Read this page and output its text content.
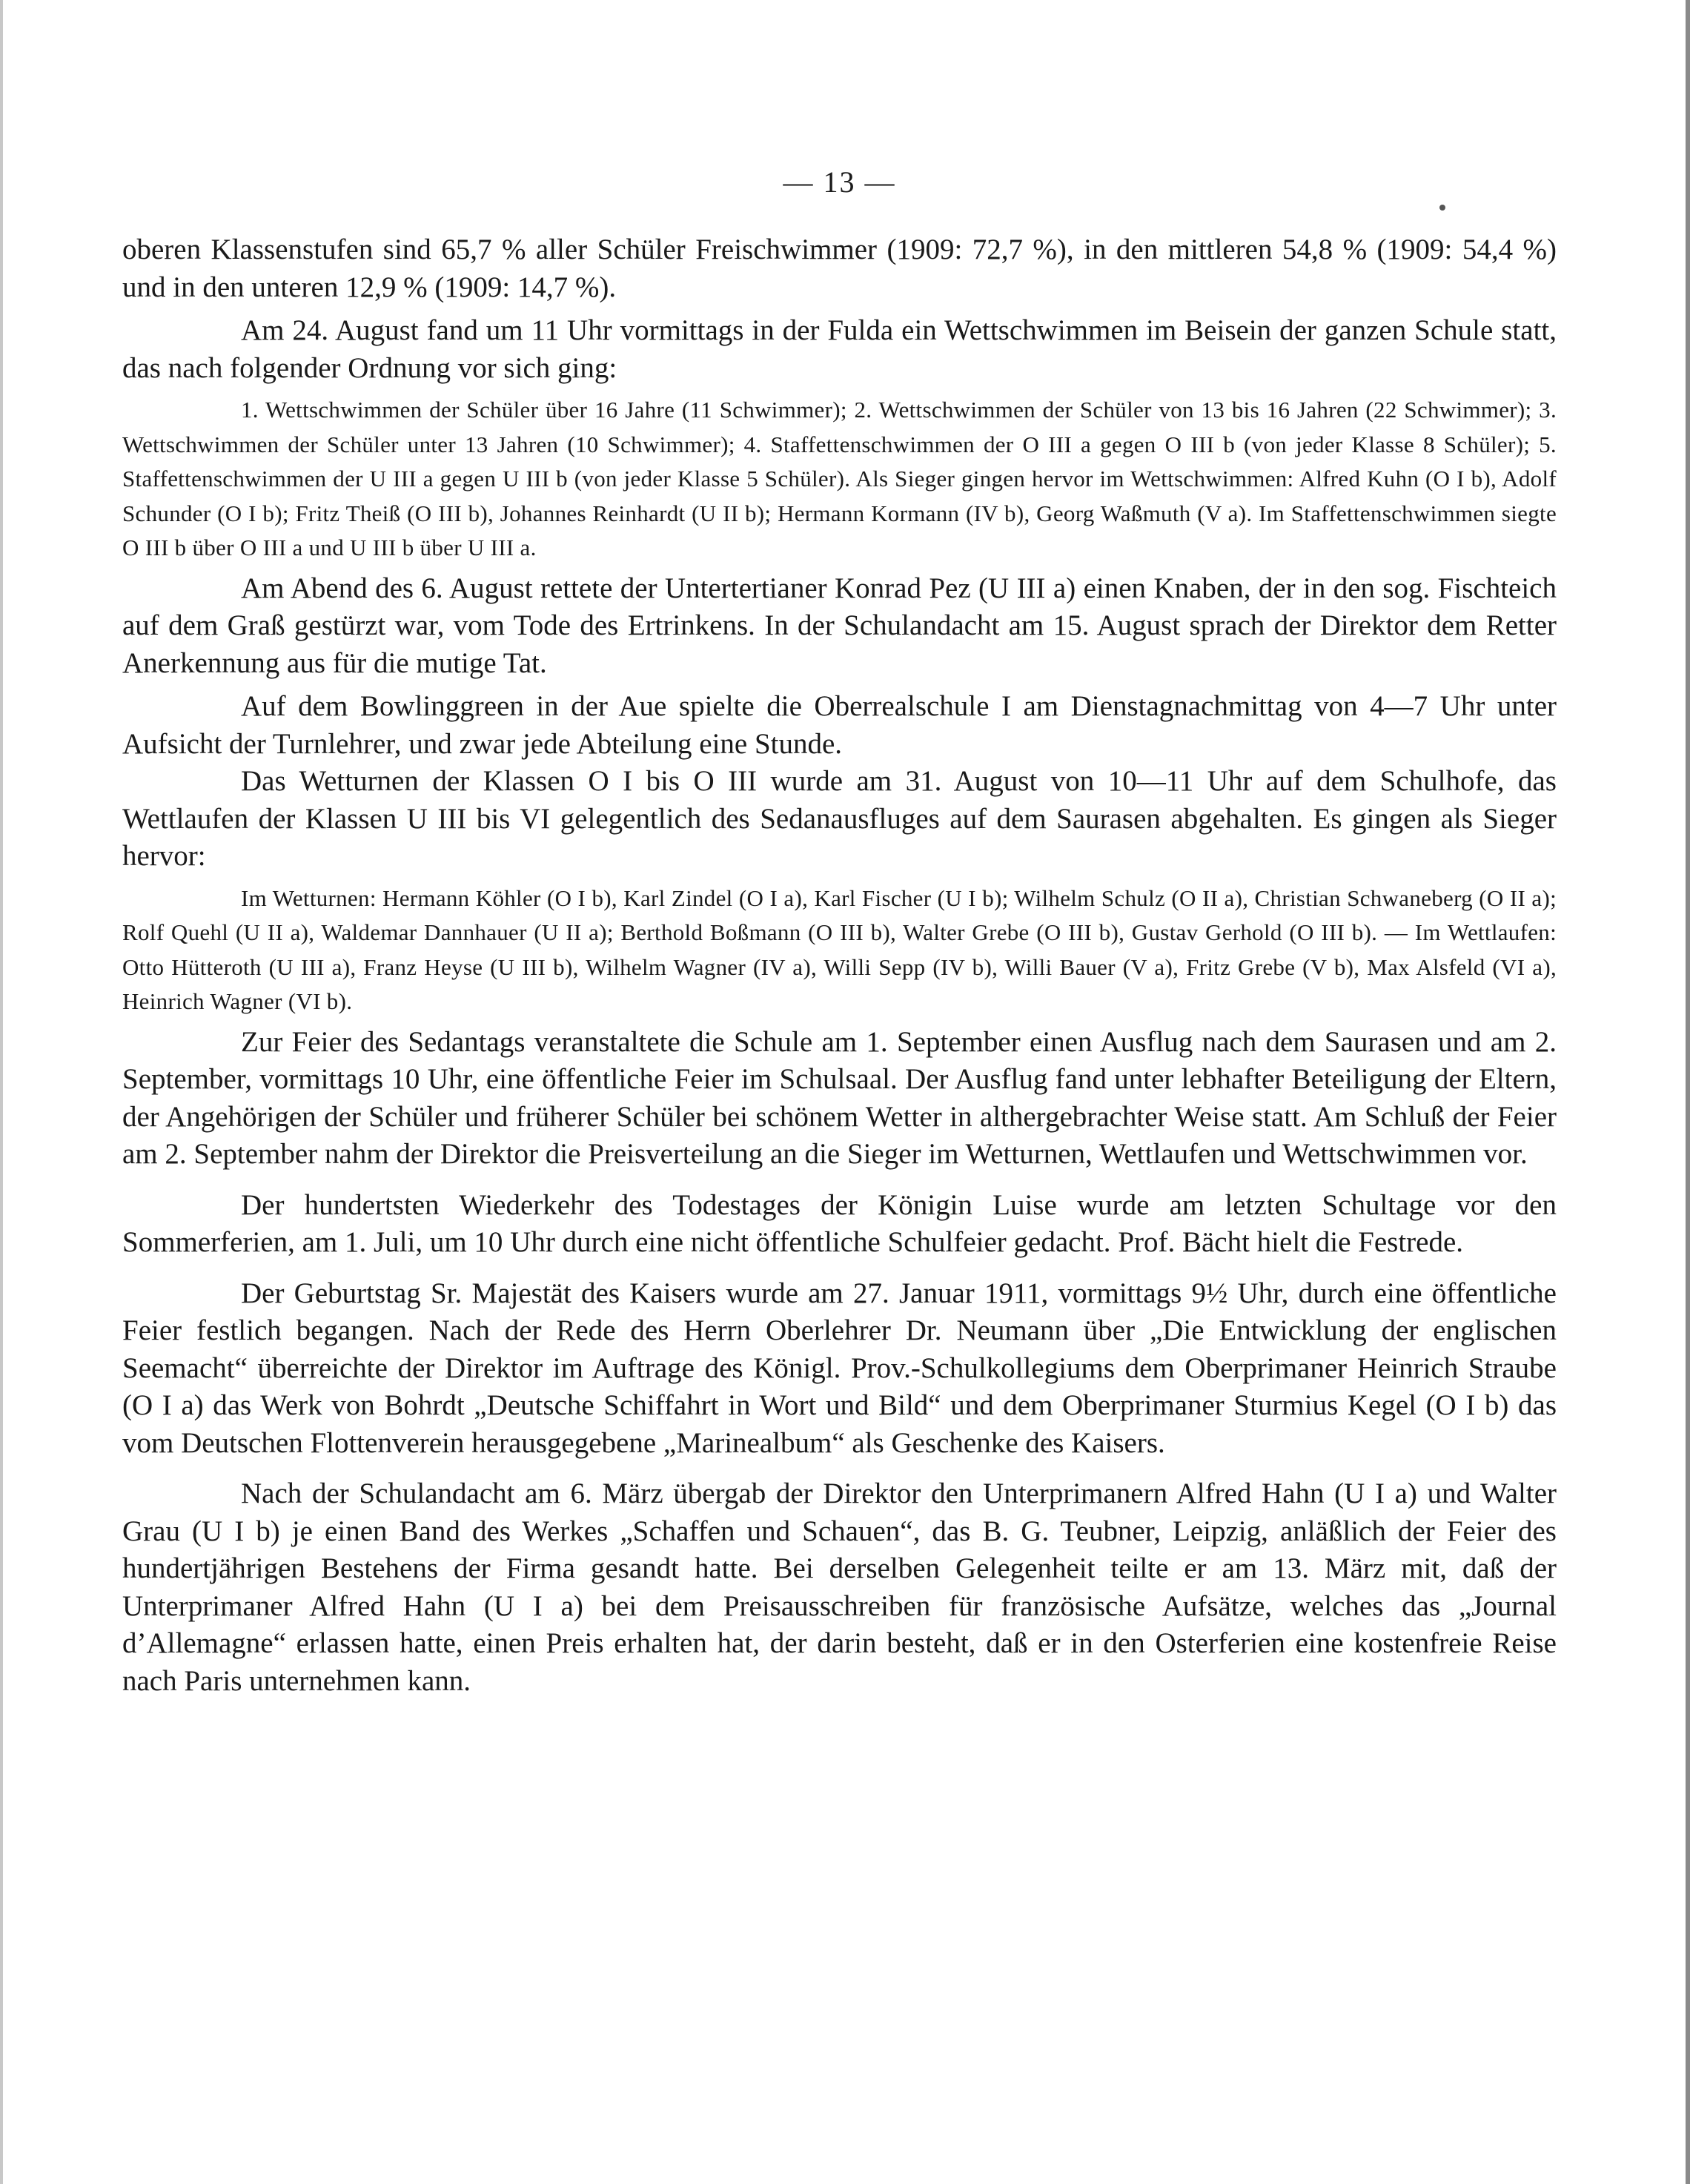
— 13 —

oberen Klassenstufen sind 65,7 % aller Schüler Freischwimmer (1909: 72,7 %), in den mittleren 54,8 % (1909: 54,4 %) und in den unteren 12,9 % (1909: 14,7 %).

Am 24. August fand um 11 Uhr vormittags in der Fulda ein Wettschwimmen im Beisein der ganzen Schule statt, das nach folgender Ordnung vor sich ging:

1. Wettschwimmen der Schüler über 16 Jahre (11 Schwimmer); 2. Wettschwimmen der Schüler von 13 bis 16 Jahren (22 Schwimmer); 3. Wettschwimmen der Schüler unter 13 Jahren (10 Schwimmer); 4. Staffettenschwimmen der O III a gegen O III b (von jeder Klasse 8 Schüler); 5. Staffettenschwimmen der U III a gegen U III b (von jeder Klasse 5 Schüler). Als Sieger gingen hervor im Wettschwimmen: Alfred Kuhn (O I b), Adolf Schunder (O I b); Fritz Theiß (O III b), Johannes Reinhardt (U II b); Hermann Kormann (IV b), Georg Waßmuth (V a). Im Staffettenschwimmen siegte O III b über O III a und U III b über U III a.

Am Abend des 6. August rettete der Untertertianer Konrad Pez (U III a) einen Knaben, der in den sog. Fischteich auf dem Graß gestürzt war, vom Tode des Ertrinkens. In der Schulandacht am 15. August sprach der Direktor dem Retter Anerkennung aus für die mutige Tat.

Auf dem Bowlinggreen in der Aue spielte die Oberrealschule I am Dienstagnachmittag von 4—7 Uhr unter Aufsicht der Turnlehrer, und zwar jede Abteilung eine Stunde.

Das Wetturnen der Klassen O I bis O III wurde am 31. August von 10—11 Uhr auf dem Schulhofe, das Wettlaufen der Klassen U III bis VI gelegentlich des Sedanausfluges auf dem Saurasen abgehalten. Es gingen als Sieger hervor:

Im Wetturnen: Hermann Köhler (O I b), Karl Zindel (O I a), Karl Fischer (U I b); Wilhelm Schulz (O II a), Christian Schwaneberg (O II a); Rolf Quehl (U II a), Waldemar Dannhauer (U II a); Berthold Boßmann (O III b), Walter Grebe (O III b), Gustav Gerhold (O III b). — Im Wettlaufen: Otto Hütteroth (U III a), Franz Heyse (U III b), Wilhelm Wagner (IV a), Willi Sepp (IV b), Willi Bauer (V a), Fritz Grebe (V b), Max Alsfeld (VI a), Heinrich Wagner (VI b).

Zur Feier des Sedantags veranstaltete die Schule am 1. September einen Ausflug nach dem Saurasen und am 2. September, vormittags 10 Uhr, eine öffentliche Feier im Schulsaal. Der Ausflug fand unter lebhafter Beteiligung der Eltern, der Angehörigen der Schüler und früherer Schüler bei schönem Wetter in althergebrachter Weise statt. Am Schluß der Feier am 2. September nahm der Direktor die Preisverteilung an die Sieger im Wetturnen, Wettlaufen und Wettschwimmen vor.

Der hundertsten Wiederkehr des Todestages der Königin Luise wurde am letzten Schultage vor den Sommerferien, am 1. Juli, um 10 Uhr durch eine nicht öffentliche Schulfeier gedacht. Prof. Bächt hielt die Festrede.

Der Geburtstag Sr. Majestät des Kaisers wurde am 27. Januar 1911, vormittags 9½ Uhr, durch eine öffentliche Feier festlich begangen. Nach der Rede des Herrn Oberlehrer Dr. Neumann über „Die Entwicklung der englischen Seemacht“ überreichte der Direktor im Auftrage des Königl. Prov.-Schulkollegiums dem Oberprimaner Heinrich Straube (O I a) das Werk von Bohrdt „Deutsche Schiffahrt in Wort und Bild“ und dem Oberprimaner Sturmius Kegel (O I b) das vom Deutschen Flottenverein herausgegebene „Marinealbum“ als Geschenke des Kaisers.

Nach der Schulandacht am 6. März übergab der Direktor den Unterprimanern Alfred Hahn (U I a) und Walter Grau (U I b) je einen Band des Werkes „Schaffen und Schauen“, das B. G. Teubner, Leipzig, anläßlich der Feier des hundertjährigen Bestehens der Firma gesandt hatte. Bei derselben Gelegenheit teilte er am 13. März mit, daß der Unterprimaner Alfred Hahn (U I a) bei dem Preisausschreiben für französische Aufsätze, welches das „Journal d’Allemagne“ erlassen hatte, einen Preis erhalten hat, der darin besteht, daß er in den Osterferien eine kostenfreie Reise nach Paris unternehmen kann.
